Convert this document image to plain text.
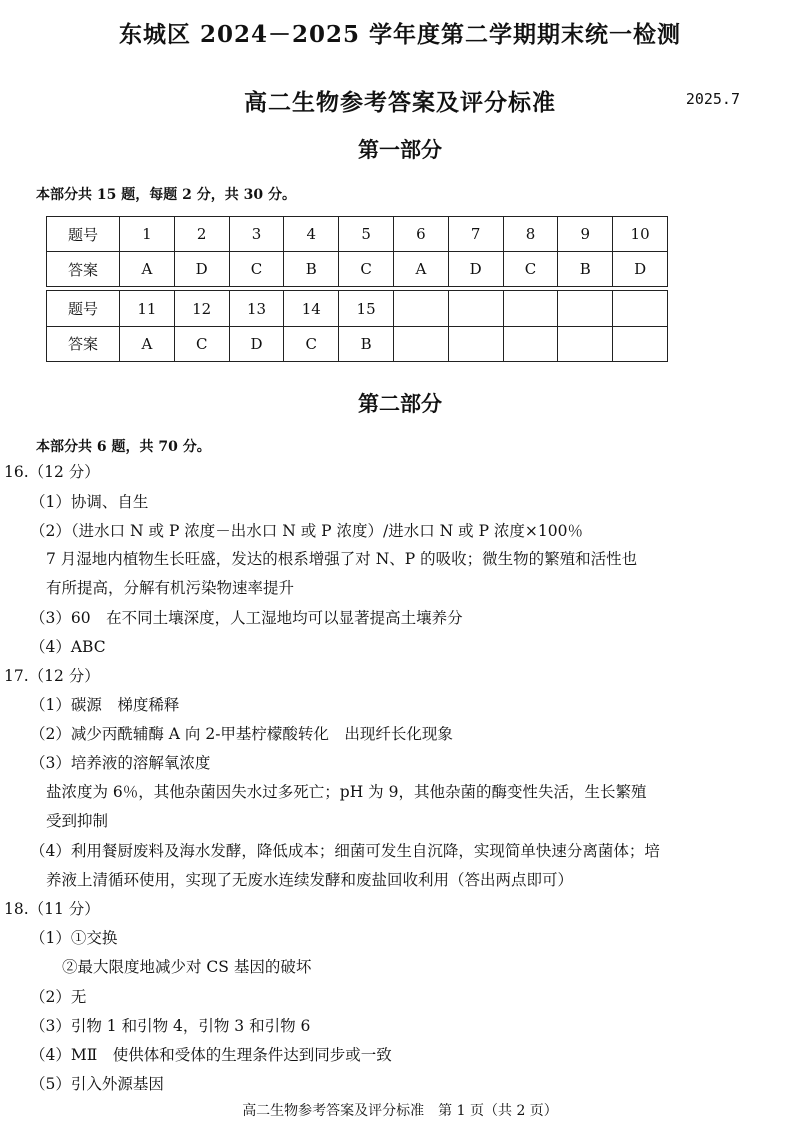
东城区 2024－2025 学年度第二学期期末统一检测
高二生物参考答案及评分标准	2025.7
第一部分
本部分共 15 题，每题 2 分，共 30 分。
题号	1	2	3	4	5	6	7	8	9	10
答案	A	D	C	B	C	A	D	C	B	D

题号	11	12	13	14	15					
答案	A	C	D	C	B					
第二部分
本部分共 6 题，共 70 分。
16.（12 分）
（1）协调、自生
（2）（进水口 N 或 P 浓度－出水口 N 或 P 浓度）/进水口 N 或 P 浓度×100％
7 月湿地内植物生长旺盛，发达的根系增强了对 N、P 的吸收；微生物的繁殖和活性也
有所提高，分解有机污染物速率提升
（3）60　在不同土壤深度，人工湿地均可以显著提高土壤养分
（4）ABC
17.（12 分）
（1）碳源　梯度稀释
（2）减少丙酰辅酶 A 向 2-甲基柠檬酸转化　出现纤长化现象
（3）培养液的溶解氧浓度
盐浓度为 6％，其他杂菌因失水过多死亡；pH 为 9，其他杂菌的酶变性失活，生长繁殖
受到抑制
（4）利用餐厨废料及海水发酵，降低成本；细菌可发生自沉降，实现简单快速分离菌体；培
养液上清循环使用，实现了无废水连续发酵和废盐回收利用（答出两点即可）
18.（11 分）
（1）①交换
②最大限度地减少对 CS 基因的破坏
（2）无
（3）引物 1 和引物 4，引物 3 和引物 6
（4）MⅡ　使供体和受体的生理条件达到同步或一致
（5）引入外源基因
高二生物参考答案及评分标准　第 1 页（共 2 页）
